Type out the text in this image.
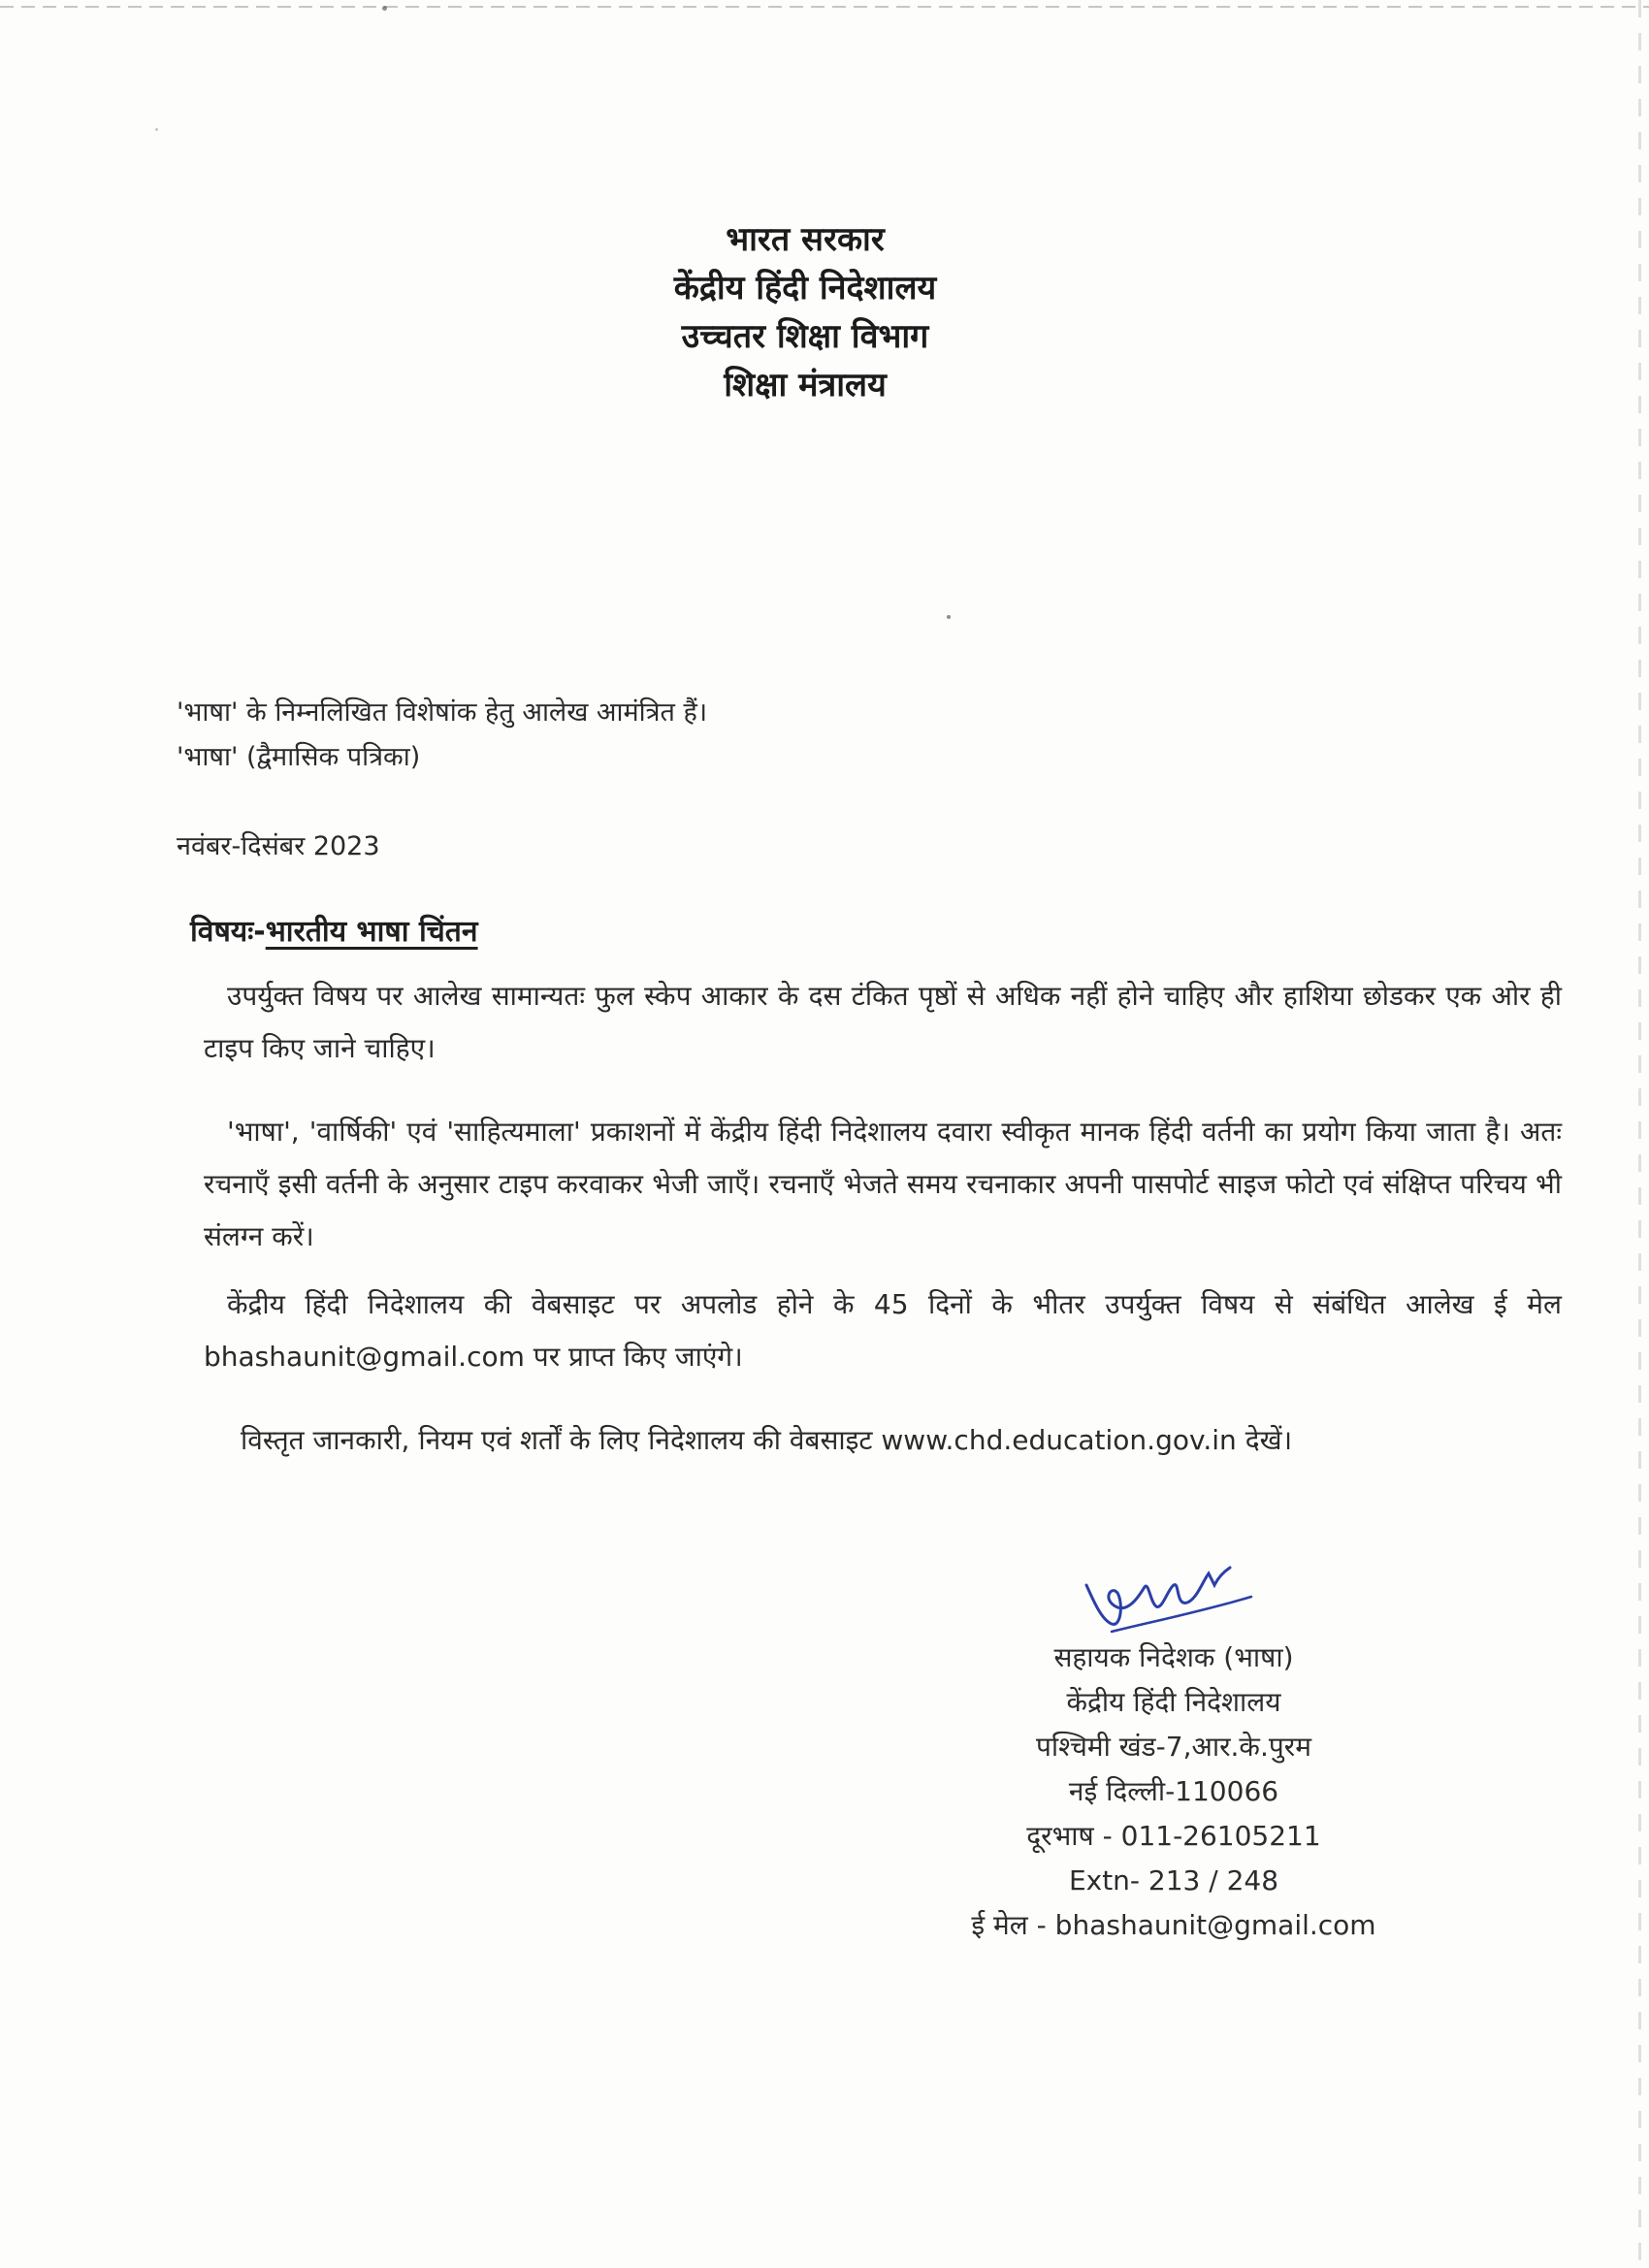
भारत सरकार
केंद्रीय हिंदी निदेशालय
उच्चतर शिक्षा विभाग
शिक्षा मंत्रालय
'भाषा' के निम्नलिखित विशेषांक हेतु आलेख आमंत्रित हैं।
'भाषा' (द्वैमासिक पत्रिका)
नवंबर-दिसंबर 2023
विषयः-भारतीय भाषा चिंतन
उपर्युक्त विषय पर आलेख सामान्यतः फुल स्केप आकार के दस टंकित पृष्ठों से अधिक नहीं होने चाहिए और हाशिया छोडकर एक ओर ही टाइप किए जाने चाहिए।
'भाषा', 'वार्षिकी' एवं 'साहित्यमाला' प्रकाशनों में केंद्रीय हिंदी निदेशालय दवारा स्वीकृत मानक हिंदी वर्तनी का प्रयोग किया जाता है। अतः रचनाएँ इसी वर्तनी के अनुसार टाइप करवाकर भेजी जाएँ। रचनाएँ भेजते समय रचनाकार अपनी पासपोर्ट साइज फोटो एवं संक्षिप्त परिचय भी संलग्न करें।
केंद्रीय हिंदी निदेशालय की वेबसाइट पर अपलोड होने के 45 दिनों के भीतर उपर्युक्त विषय से संबंधित आलेख ई मेल bhashaunit@gmail.com पर प्राप्त किए जाएंगे।
विस्तृत जानकारी, नियम एवं शर्तों के लिए निदेशालय की वेबसाइट www.chd.education.gov.in देखें।
सहायक निदेशक (भाषा)
केंद्रीय हिंदी निदेशालय
पश्चिमी खंड-7,आर.के.पुरम
नई दिल्ली-110066
दूरभाष - 011-26105211
Extn- 213 / 248
ई मेल - bhashaunit@gmail.com
